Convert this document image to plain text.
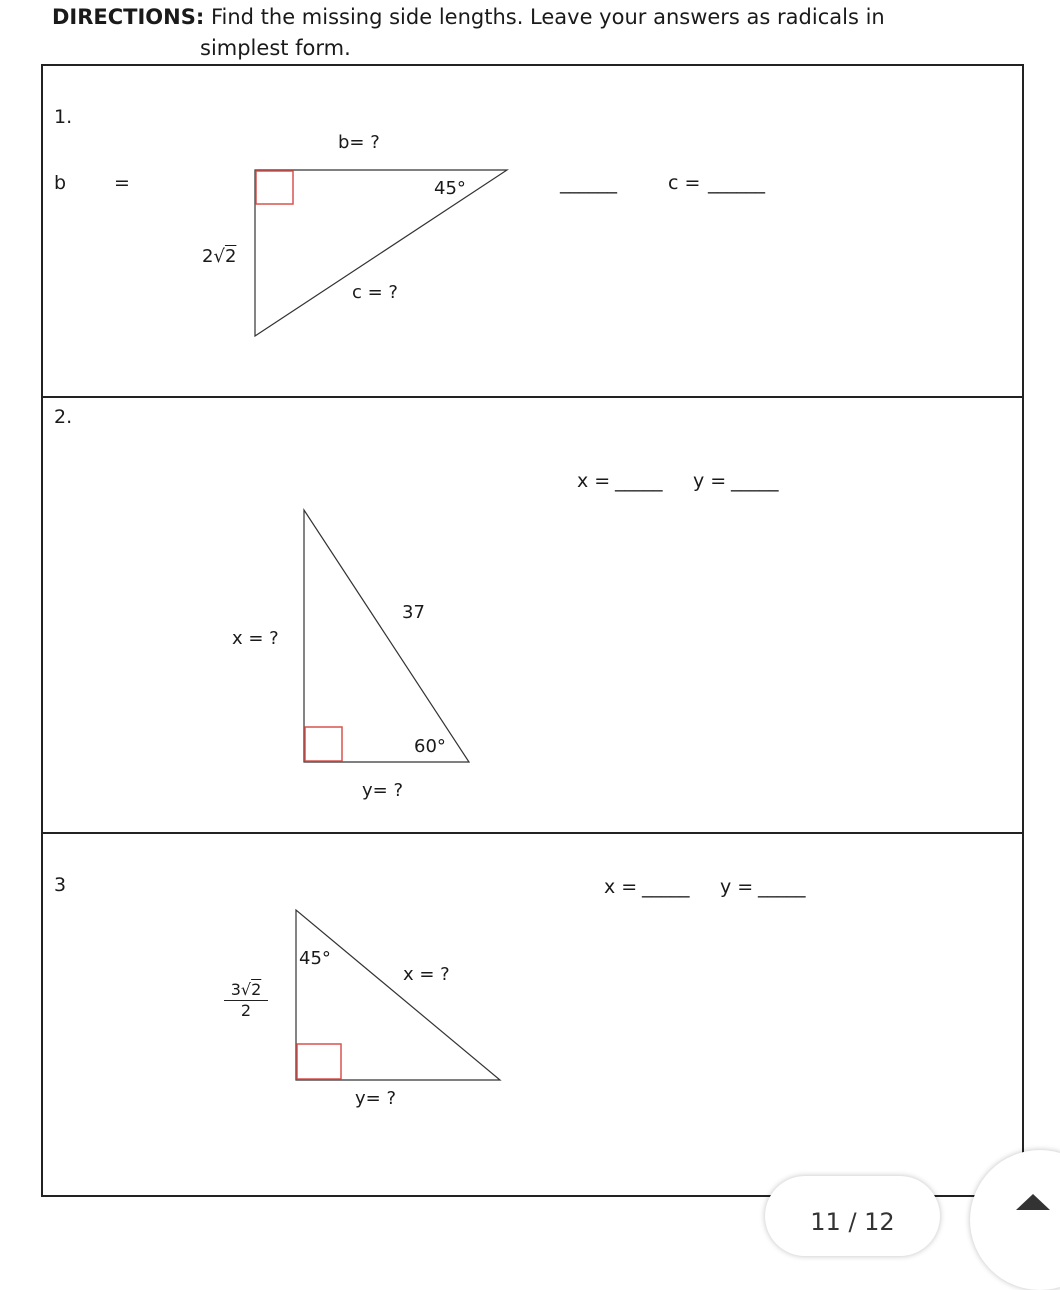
DIRECTIONS: Find the missing side lengths. Leave your answers as radicals in
simplest form.
1.
b	=	______	c = ______
b= ?
45°
2√2
c = ?
2.
x = _____ y = _____
37
x = ?
60°
y= ?
3	x = _____ y = _____
45°
x = ?
$\frac{3√2}{2}$
y= ?
11 / 12
